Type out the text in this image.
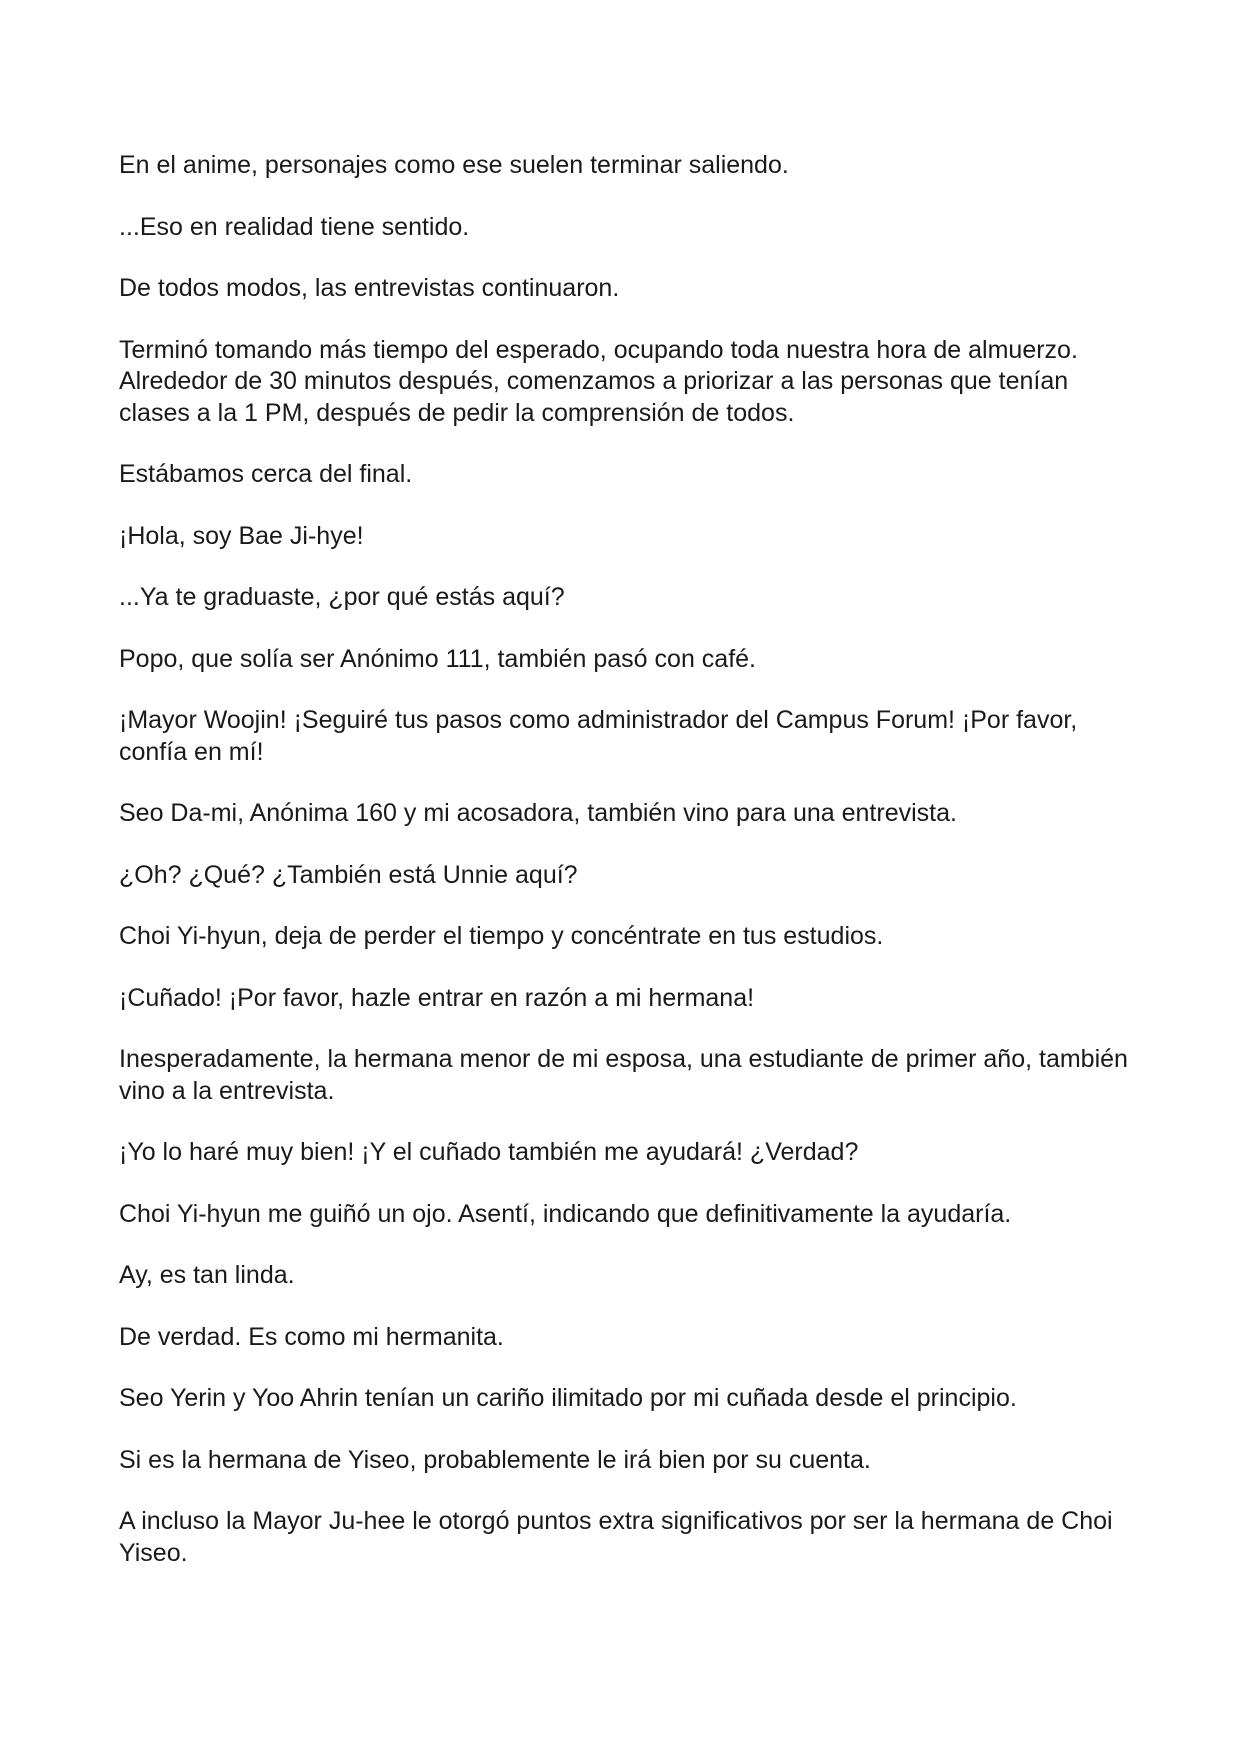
En el anime, personajes como ese suelen terminar saliendo.

...Eso en realidad tiene sentido.

De todos modos, las entrevistas continuaron.

Terminó tomando más tiempo del esperado, ocupando toda nuestra hora de almuerzo. Alrededor de 30 minutos después, comenzamos a priorizar a las personas que tenían clases a la 1 PM, después de pedir la comprensión de todos.

Estábamos cerca del final.

¡Hola, soy Bae Ji-hye!

...Ya te graduaste, ¿por qué estás aquí?

Popo, que solía ser Anónimo 111, también pasó con café.

¡Mayor Woojin! ¡Seguiré tus pasos como administrador del Campus Forum! ¡Por favor, confía en mí!

Seo Da-mi, Anónima 160 y mi acosadora, también vino para una entrevista.

¿Oh? ¿Qué? ¿También está Unnie aquí?

Choi Yi-hyun, deja de perder el tiempo y concéntrate en tus estudios.

¡Cuñado! ¡Por favor, hazle entrar en razón a mi hermana!

Inesperadamente, la hermana menor de mi esposa, una estudiante de primer año, también vino a la entrevista.

¡Yo lo haré muy bien! ¡Y el cuñado también me ayudará! ¿Verdad?

Choi Yi-hyun me guiñó un ojo. Asentí, indicando que definitivamente la ayudaría.

Ay, es tan linda.

De verdad. Es como mi hermanita.

Seo Yerin y Yoo Ahrin tenían un cariño ilimitado por mi cuñada desde el principio.

Si es la hermana de Yiseo, probablemente le irá bien por su cuenta.

A incluso la Mayor Ju-hee le otorgó puntos extra significativos por ser la hermana de Choi Yiseo.
